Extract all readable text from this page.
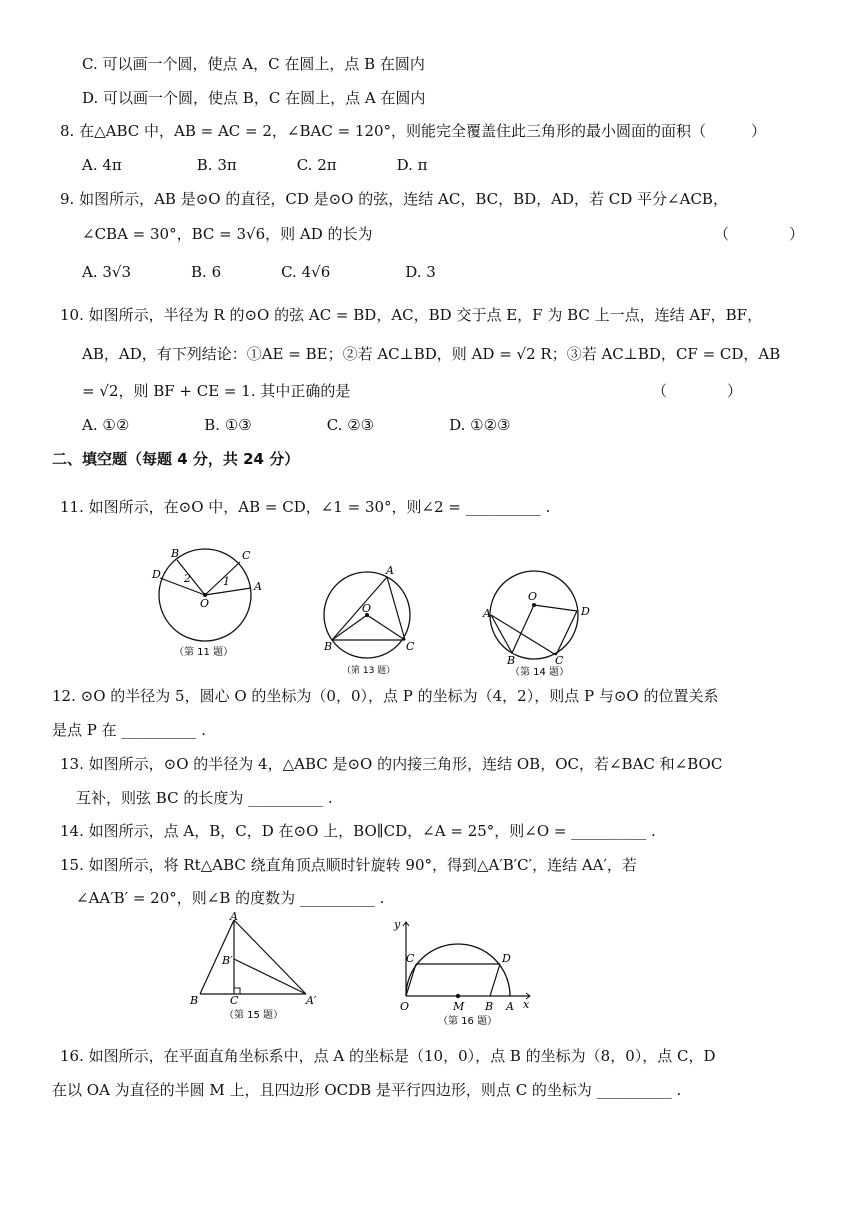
C. 可以画一个圆，使点 A，C 在圆上，点 B 在圆内
D. 可以画一个圆，使点 B，C 在圆上，点 A 在圆内
8. 在△ABC 中，AB = AC = 2，∠BAC = 120°，则能完全覆盖住此三角形的最小圆面的面积（　　　）
A. 4π　　　　　B. 3π　　　　C. 2π　　　　D. π
9. 如图所示，AB 是⊙O 的直径，CD 是⊙O 的弦，连结 AC，BC，BD，AD，若 CD 平分∠ACB，
∠CBA = 30°，BC = 3√6，则 AD 的长为	（　　　　）
A. 3√3　　　　B. 6　　　　C. 4√6　　　　　D. 3
10. 如图所示，半径为 R 的⊙O 的弦 AC = BD，AC，BD 交于点 E，F 为 BC 上一点，连结 AF，BF，
AB，AD，有下列结论：①AE = BE；②若 AC⊥BD，则 AD = √2 R；③若 AC⊥BD，CF = CD，AB
= √2，则 BF + CE = 1. 其中正确的是	（　　　　）
A. ①②　　　　　B. ①③　　　　　C. ②③　　　　　D. ①②③
二、填空题（每题 4 分，共 24 分）
11. 如图所示，在⊙O 中，AB = CD，∠1 = 30°，则∠2 = __________ .
12. ⊙O 的半径为 5，圆心 O 的坐标为（0，0），点 P 的坐标为（4，2），则点 P 与⊙O 的位置关系
是点 P 在 __________ .
13. 如图所示，⊙O 的半径为 4，△ABC 是⊙O 的内接三角形，连结 OB，OC，若∠BAC 和∠BOC
互补，则弦 BC 的长度为 __________ .
14. 如图所示，点 A，B，C，D 在⊙O 上，BO∥CD，∠A = 25°，则∠O = __________ .
15. 如图所示，将 Rt△ABC 绕直角顶点顺时针旋转 90°，得到△A′B′C′，连结 AA′，若
∠AA′B′ = 20°，则∠B 的度数为 __________ .
16. 如图所示，在平面直角坐标系中，点 A 的坐标是（10，0），点 B 的坐标为（8，0），点 C，D
在以 OA 为直径的半圆 M 上，且四边形 OCDB 是平行四边形，则点 C 的坐标为 __________ .
B	C
D 2	1 A
O
（第 11 题）
A
O
B	C
（第 13 题）
O
D
A
B	C
（第 14 题）
A
B′
B	C	A′
（第 15 题）
y
C	D
O	M B A x
（第 16 题）
